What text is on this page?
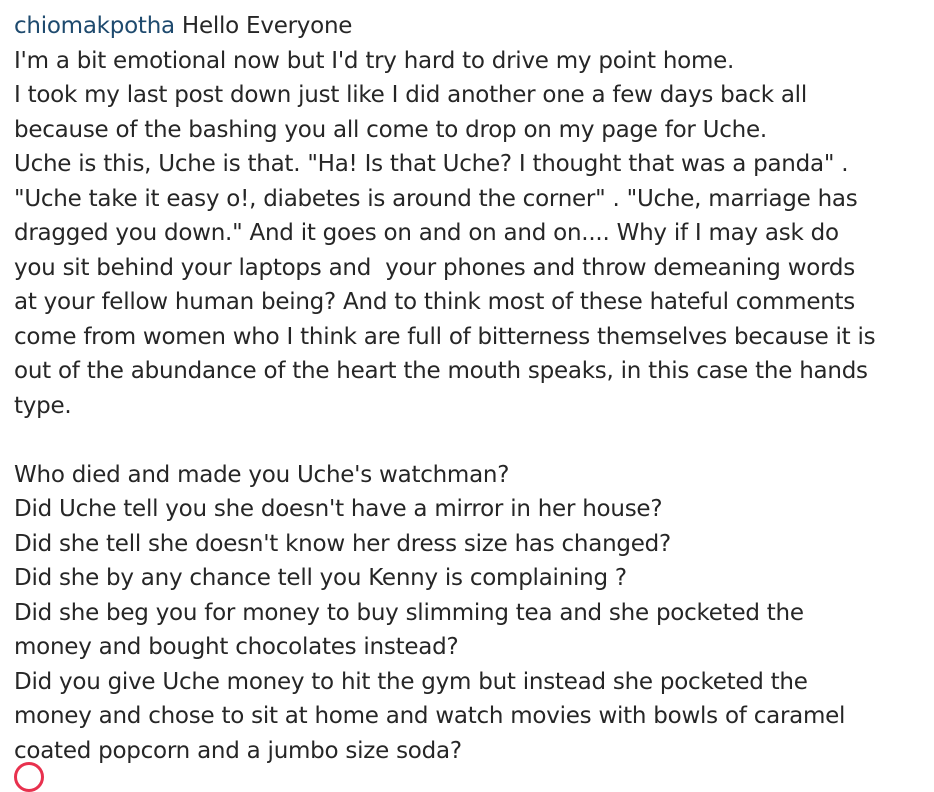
chiomakpotha Hello Everyone
I'm a bit emotional now but I'd try hard to drive my point home.
I took my last post down just like I did another one a few days back all
because of the bashing you all come to drop on my page for Uche.
Uche is this, Uche is that. "Ha! Is that Uche? I thought that was a panda" .
"Uche take it easy o!, diabetes is around the corner" . "Uche, marriage has
dragged you down." And it goes on and on and on.... Why if I may ask do
you sit behind your laptops and  your phones and throw demeaning words
at your fellow human being? And to think most of these hateful comments
come from women who I think are full of bitterness themselves because it is
out of the abundance of the heart the mouth speaks, in this case the hands
type.
Who died and made you Uche's watchman?
Did Uche tell you she doesn't have a mirror in her house?
Did she tell she doesn't know her dress size has changed?
Did she by any chance tell you Kenny is complaining ?
Did she beg you for money to buy slimming tea and she pocketed the
money and bought chocolates instead?
Did you give Uche money to hit the gym but instead she pocketed the
money and chose to sit at home and watch movies with bowls of caramel
coated popcorn and a jumbo size soda?
